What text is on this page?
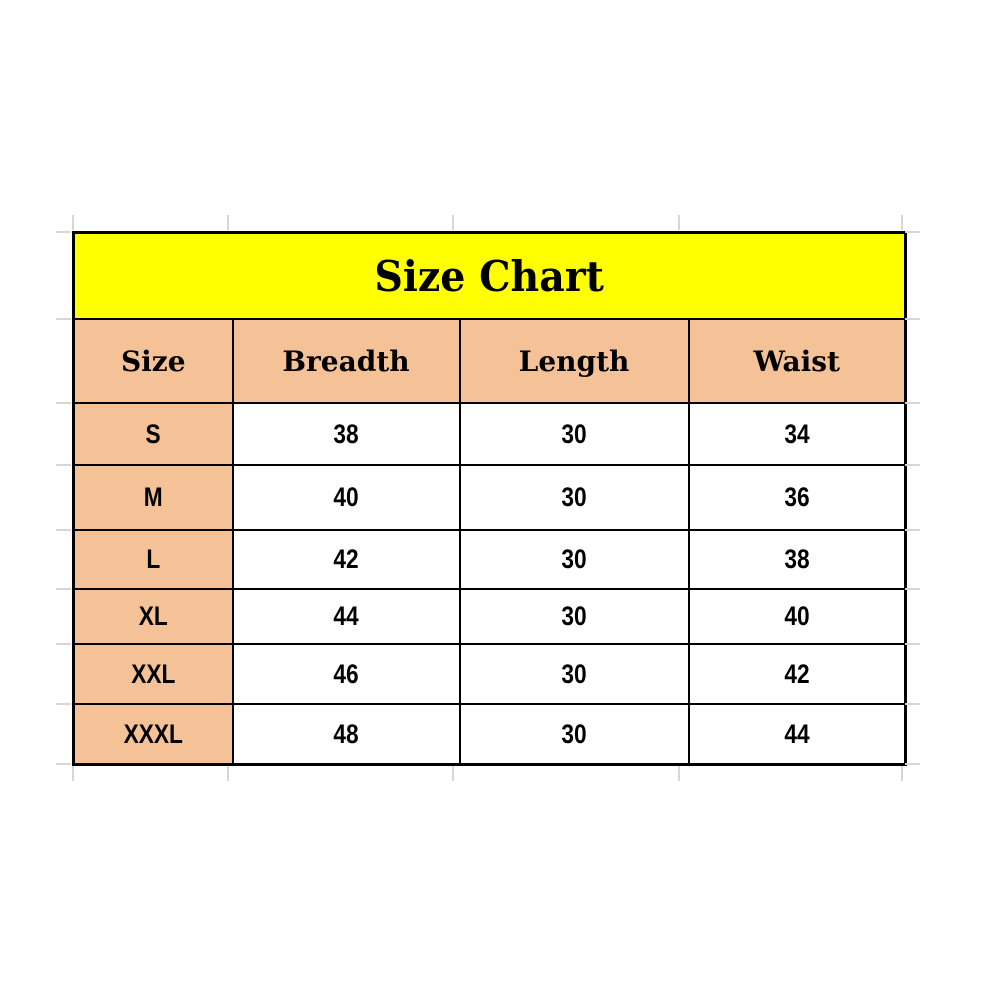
Size Chart			
Size	Breadth	Length	Waist
S	38	30	34
M	40	30	36
L	42	30	38
XL	44	30	40
XXL	46	30	42
XXXL	48	30	44
